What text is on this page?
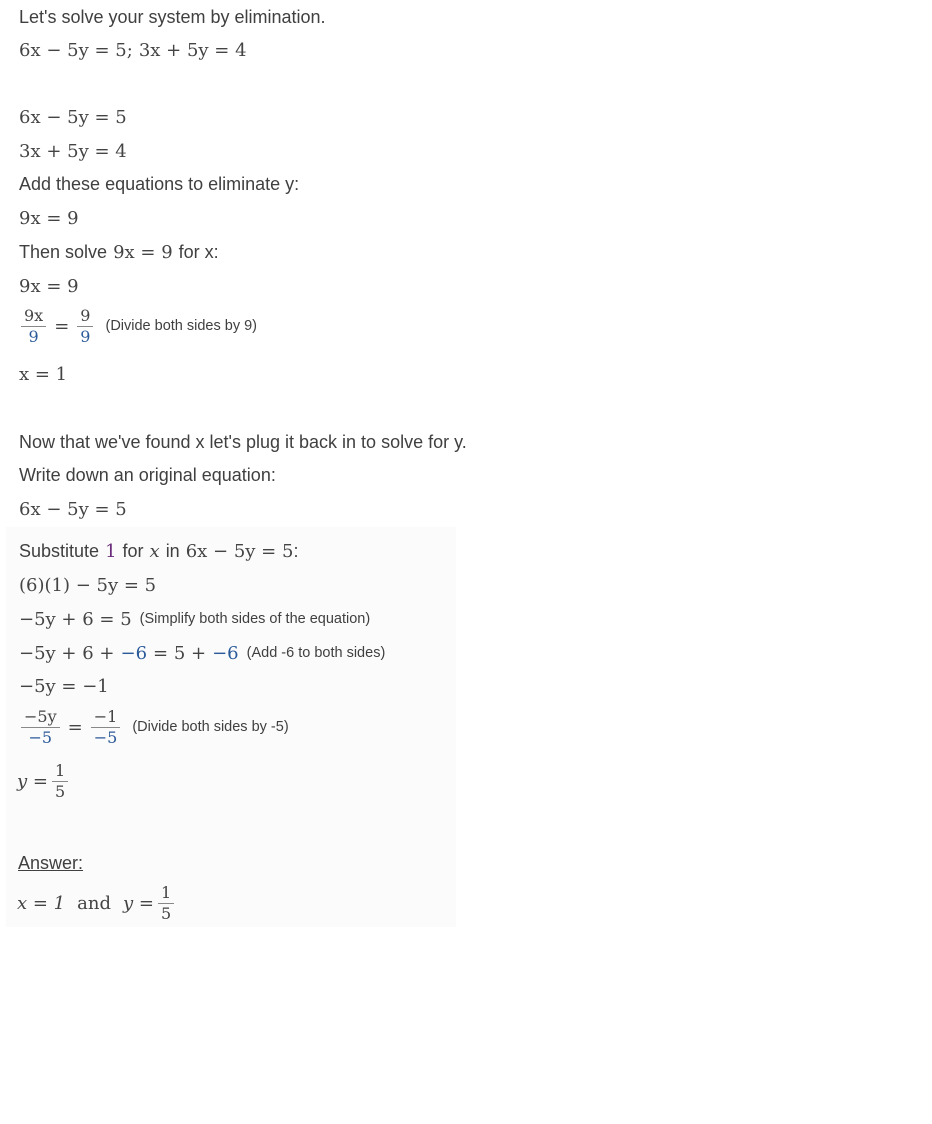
Let's solve your system by elimination.
6x − 5y = 5 ; 3x + 5y = 4
6x − 5y = 5
3x + 5y = 4
Add these equations to eliminate y:
9x = 9
Then solve 9x = 9 for x:
9x = 9
$\frac{9x}{9} = \frac{9}{9}$ (Divide both sides by 9)
x = 1
Now that we've found x let's plug it back in to solve for y.
Write down an original equation:
6x − 5y = 5
Substitute 1 for x in 6x − 5y = 5 :
(6)(1) − 5y = 5
−5y + 6 = 5 (Simplify both sides of the equation)
−5y + 6 + −6 = 5 + −6 (Add -6 to both sides)
−5y = −1
$\frac{-5y}{-5} = \frac{-1}{-5}$ (Divide both sides by -5)
$y = \frac{1}{5}$
Answer:
x = 1 and $y = \frac{1}{5}$
